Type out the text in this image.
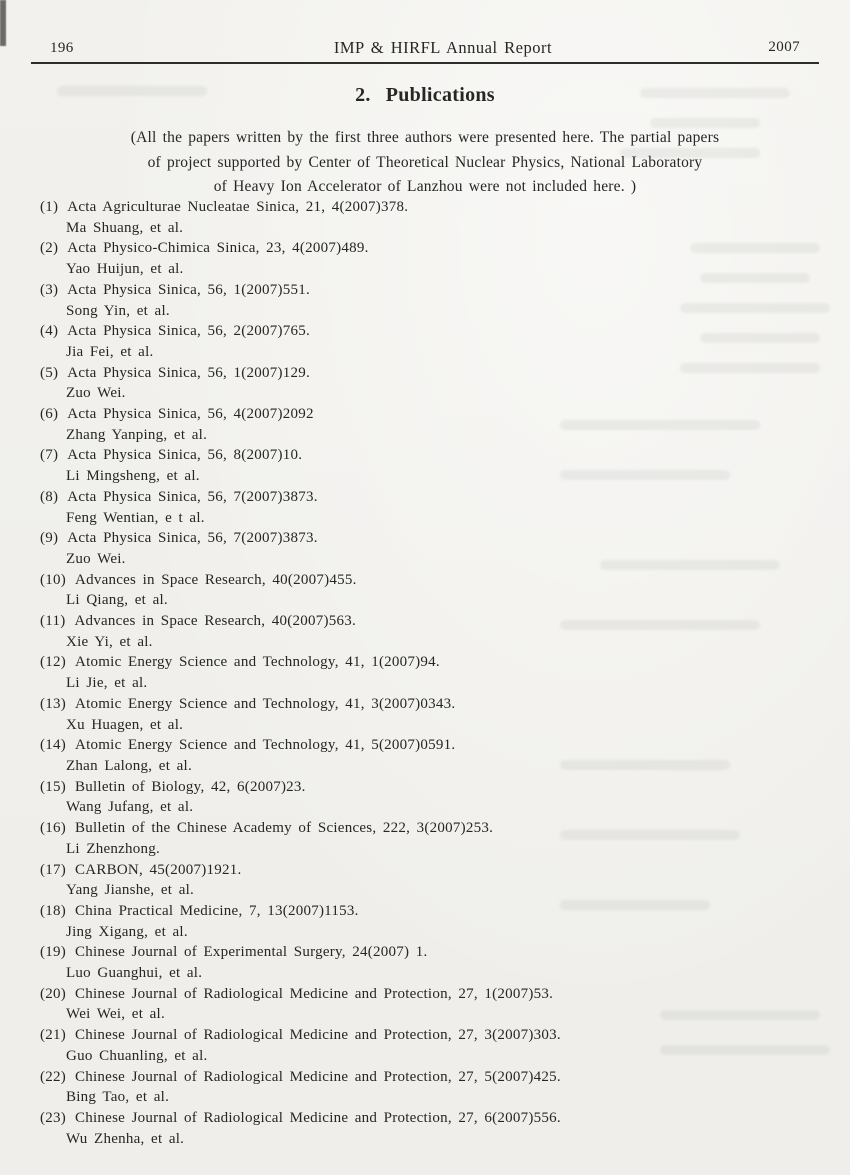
196	IMP & HIRFL Annual Report	2007
2. Publications
(All the papers written by the first three authors were presented here. The partial papers
of project supported by Center of Theoretical Nuclear Physics, National Laboratory
of Heavy Ion Accelerator of Lanzhou were not included here. )
(1) Acta Agriculturae Nucleatae Sinica, 21, 4(2007)378.
Ma Shuang, et al.
(2) Acta Physico-Chimica Sinica, 23, 4(2007)489.
Yao Huijun, et al.
(3) Acta Physica Sinica, 56, 1(2007)551.
Song Yin, et al.
(4) Acta Physica Sinica, 56, 2(2007)765.
Jia Fei, et al.
(5) Acta Physica Sinica, 56, 1(2007)129.
Zuo Wei.
(6) Acta Physica Sinica, 56, 4(2007)2092
Zhang Yanping, et al.
(7) Acta Physica Sinica, 56, 8(2007)10.
Li Mingsheng, et al.
(8) Acta Physica Sinica, 56, 7(2007)3873.
Feng Wentian, e t al.
(9) Acta Physica Sinica, 56, 7(2007)3873.
Zuo Wei.
(10) Advances in Space Research, 40(2007)455.
Li Qiang, et al.
(11) Advances in Space Research, 40(2007)563.
Xie Yi, et al.
(12) Atomic Energy Science and Technology, 41, 1(2007)94.
Li Jie, et al.
(13) Atomic Energy Science and Technology, 41, 3(2007)0343.
Xu Huagen, et al.
(14) Atomic Energy Science and Technology, 41, 5(2007)0591.
Zhan Lalong, et al.
(15) Bulletin of Biology, 42, 6(2007)23.
Wang Jufang, et al.
(16) Bulletin of the Chinese Academy of Sciences, 222, 3(2007)253.
Li Zhenzhong.
(17) CARBON, 45(2007)1921.
Yang Jianshe, et al.
(18) China Practical Medicine, 7, 13(2007)1153.
Jing Xigang, et al.
(19) Chinese Journal of Experimental Surgery, 24(2007) 1.
Luo Guanghui, et al.
(20) Chinese Journal of Radiological Medicine and Protection, 27, 1(2007)53.
Wei Wei, et al.
(21) Chinese Journal of Radiological Medicine and Protection, 27, 3(2007)303.
Guo Chuanling, et al.
(22) Chinese Journal of Radiological Medicine and Protection, 27, 5(2007)425.
Bing Tao, et al.
(23) Chinese Journal of Radiological Medicine and Protection, 27, 6(2007)556.
Wu Zhenha, et al.
